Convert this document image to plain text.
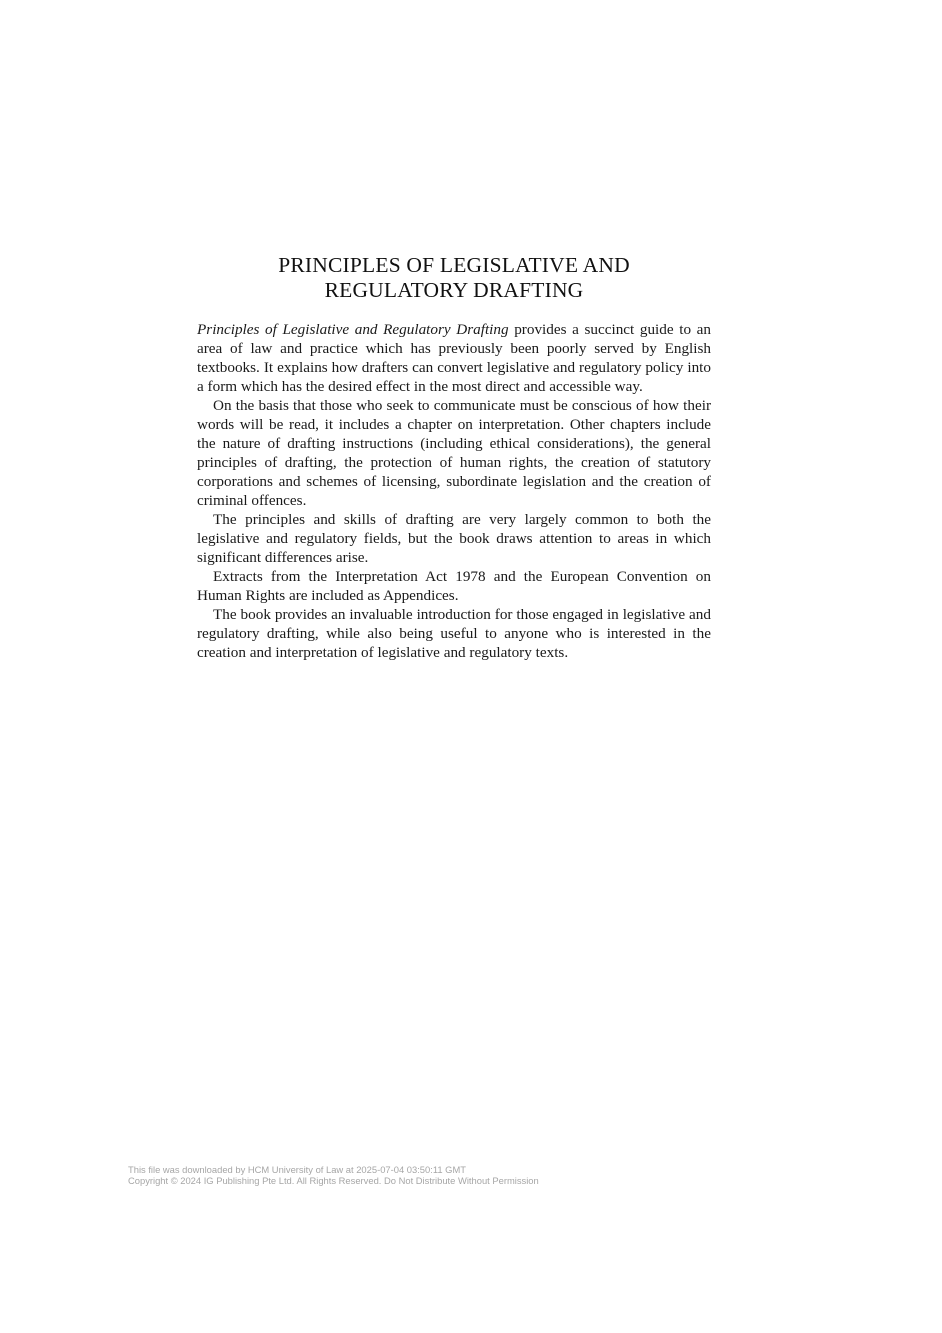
PRINCIPLES OF LEGISLATIVE AND
REGULATORY DRAFTING

Principles of Legislative and Regulatory Drafting provides a succinct guide to an area of law and practice which has previously been poorly served by English textbooks. It explains how drafters can convert legislative and regulatory policy into a form which has the desired effect in the most direct and accessible way.

On the basis that those who seek to communicate must be conscious of how their words will be read, it includes a chapter on interpretation. Other chapters include the nature of drafting instructions (including ethical considerations), the general principles of drafting, the protection of human rights, the creation of statutory corporations and schemes of licensing, subordinate legislation and the creation of criminal offences.

The principles and skills of drafting are very largely common to both the legislative and regulatory fields, but the book draws attention to areas in which significant differences arise.

Extracts from the Interpretation Act 1978 and the European Convention on Human Rights are included as Appendices.

The book provides an invaluable introduction for those engaged in legislative and regulatory drafting, while also being useful to anyone who is interested in the creation and interpretation of legislative and regulatory texts.

This file was downloaded by HCM University of Law at 2025-07-04 03:50:11 GMT
Copyright © 2024 IG Publishing Pte Ltd. All Rights Reserved. Do Not Distribute Without Permission
